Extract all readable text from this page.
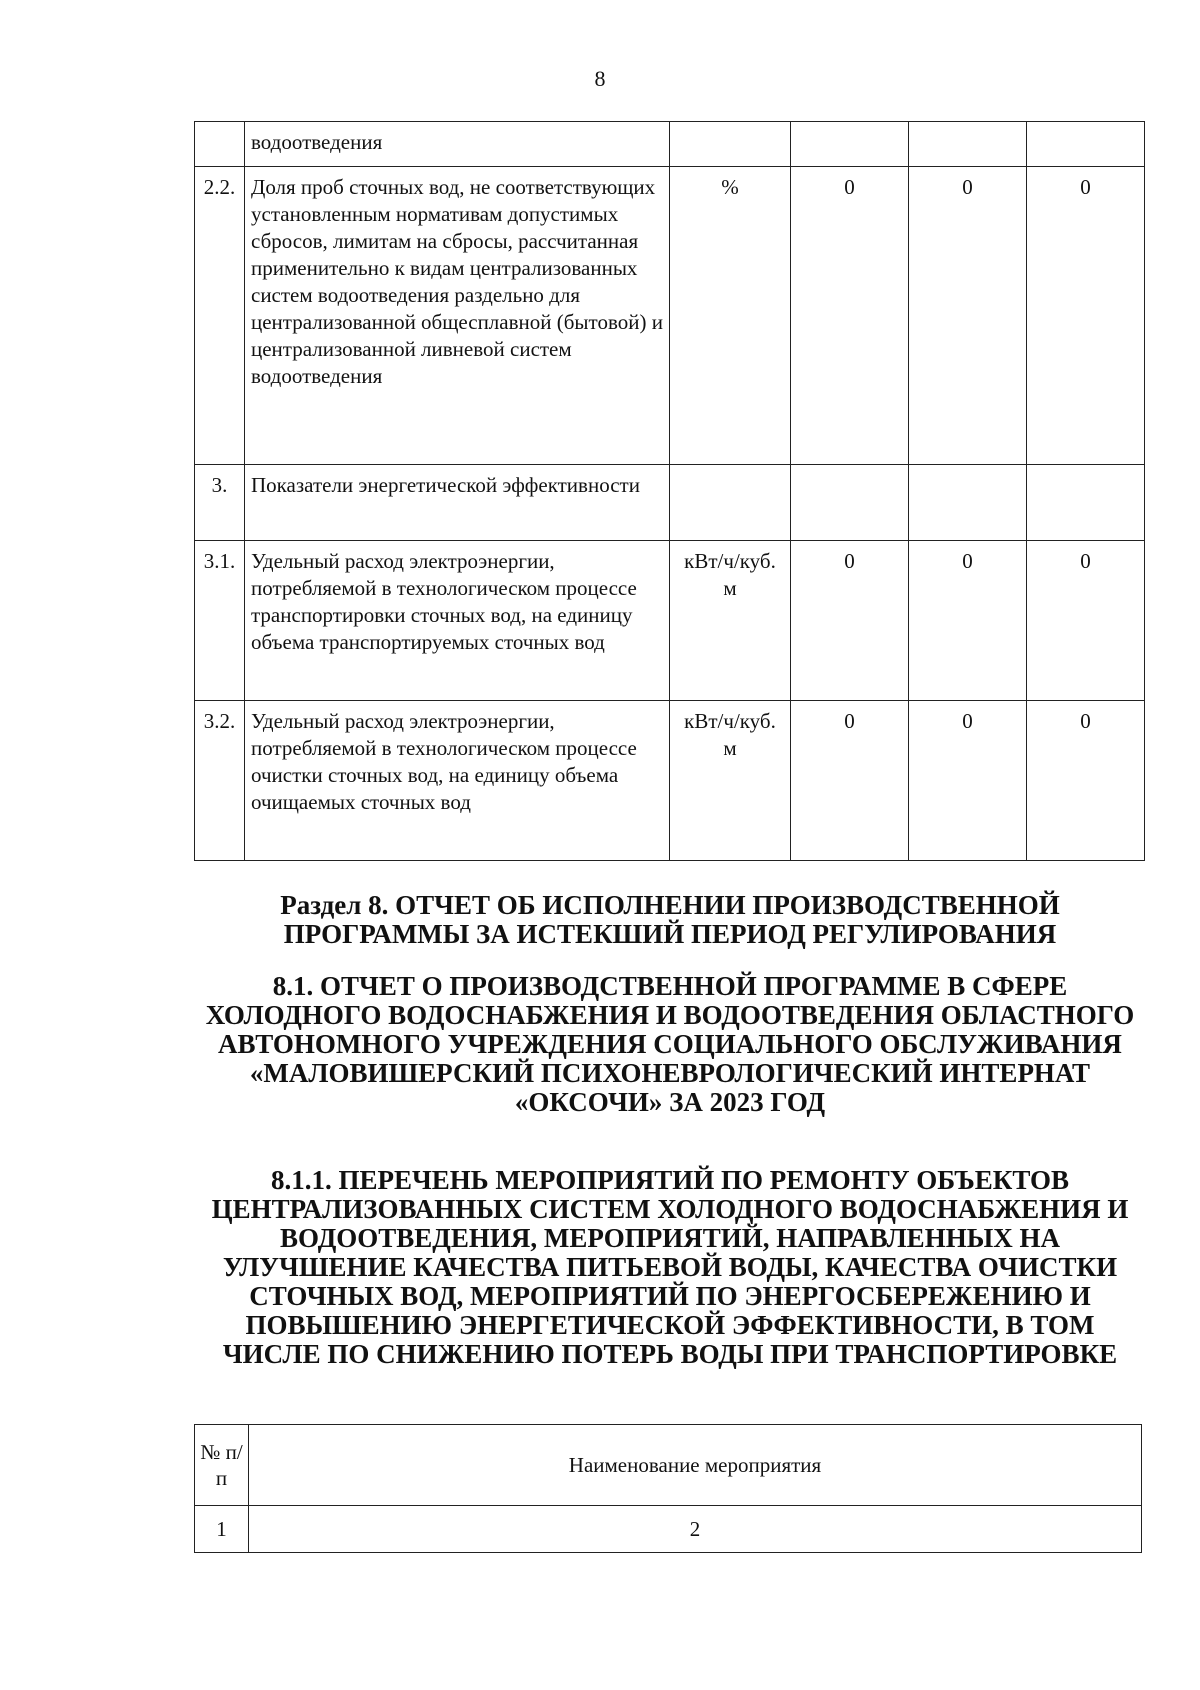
8
	водоотведения				
2.2.	Доля проб сточных вод, не соответствующих установленным нормативам допустимых сбросов, лимитам на сбросы, рассчитанная применительно к видам централизованных систем водоотведения раздельно для централизованной общесплавной (бытовой) и централизованной ливневой систем водоотведения	%	0	0	0
3.	Показатели энергетической эффективности				
3.1.	Удельный расход электроэнергии, потребляемой в технологическом процессе транспортировки сточных вод, на единицу объема транспортируемых сточных вод	кВт/ч/куб. м	0	0	0
3.2.	Удельный расход электроэнергии, потребляемой в технологическом процессе очистки сточных вод, на единицу объема очищаемых сточных вод	кВт/ч/куб. м	0	0	0
Раздел 8. ОТЧЕТ ОБ ИСПОЛНЕНИИ ПРОИЗВОДСТВЕННОЙ ПРОГРАММЫ ЗА ИСТЕКШИЙ ПЕРИОД РЕГУЛИРОВАНИЯ
8.1. ОТЧЕТ О ПРОИЗВОДСТВЕННОЙ ПРОГРАММЕ В СФЕРЕ ХОЛОДНОГО ВОДОСНАБЖЕНИЯ И ВОДООТВЕДЕНИЯ ОБЛАСТНОГО АВТОНОМНОГО УЧРЕЖДЕНИЯ СОЦИАЛЬНОГО ОБСЛУЖИВАНИЯ «МАЛОВИШЕРСКИЙ ПСИХОНЕВРОЛОГИЧЕСКИЙ ИНТЕРНАТ «ОКСОЧИ» ЗА 2023 ГОД
8.1.1. ПЕРЕЧЕНЬ МЕРОПРИЯТИЙ ПО РЕМОНТУ ОБЪЕКТОВ ЦЕНТРАЛИЗОВАННЫХ СИСТЕМ ХОЛОДНОГО ВОДОСНАБЖЕНИЯ И ВОДООТВЕДЕНИЯ, МЕРОПРИЯТИЙ, НАПРАВЛЕННЫХ НА УЛУЧШЕНИЕ КАЧЕСТВА ПИТЬЕВОЙ ВОДЫ, КАЧЕСТВА ОЧИСТКИ СТОЧНЫХ ВОД, МЕРОПРИЯТИЙ ПО ЭНЕРГОСБЕРЕЖЕНИЮ И ПОВЫШЕНИЮ ЭНЕРГЕТИЧЕСКОЙ ЭФФЕКТИВНОСТИ, В ТОМ ЧИСЛЕ ПО СНИЖЕНИЮ ПОТЕРЬ ВОДЫ ПРИ ТРАНСПОРТИРОВКЕ
№ п/п	Наименование мероприятия
1	2
